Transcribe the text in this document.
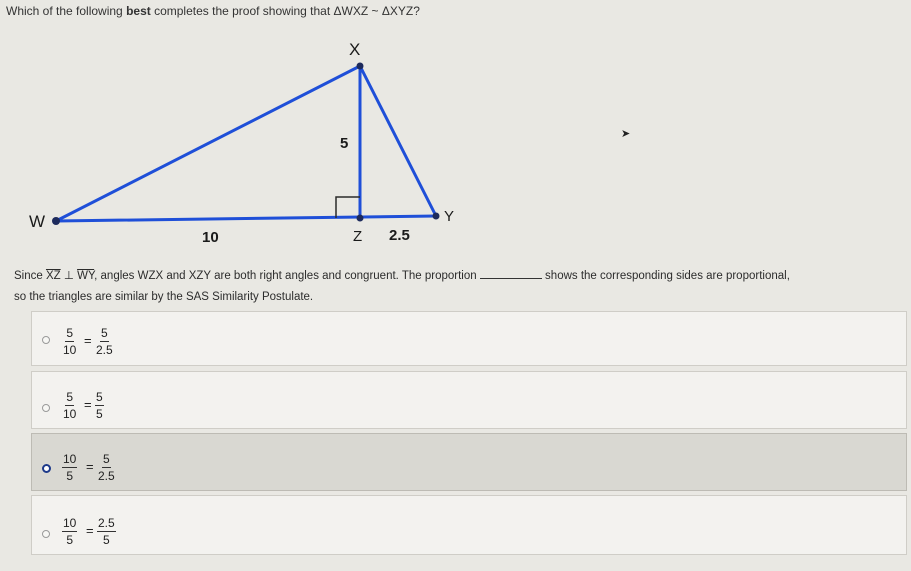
Which of the following best completes the proof showing that ΔWXZ ~ ΔXYZ?
X
W
Z
Y
5
10	2.5
➤
Since $\overline{XZ}$ ⊥ $\overline{WY}$, angles WZX and XZY are both right angles and congruent. The proportion	shows the corresponding sides are proportional,
so the triangles are similar by the SAS Similarity Postulate.
$\frac{5}{10} = \frac{5}{2.5}$
$\frac{5}{10} = \frac{5}{5}$
$\frac{10}{5} = \frac{5}{2.5}$
$\frac{10}{5} = \frac{2.5}{5}$
